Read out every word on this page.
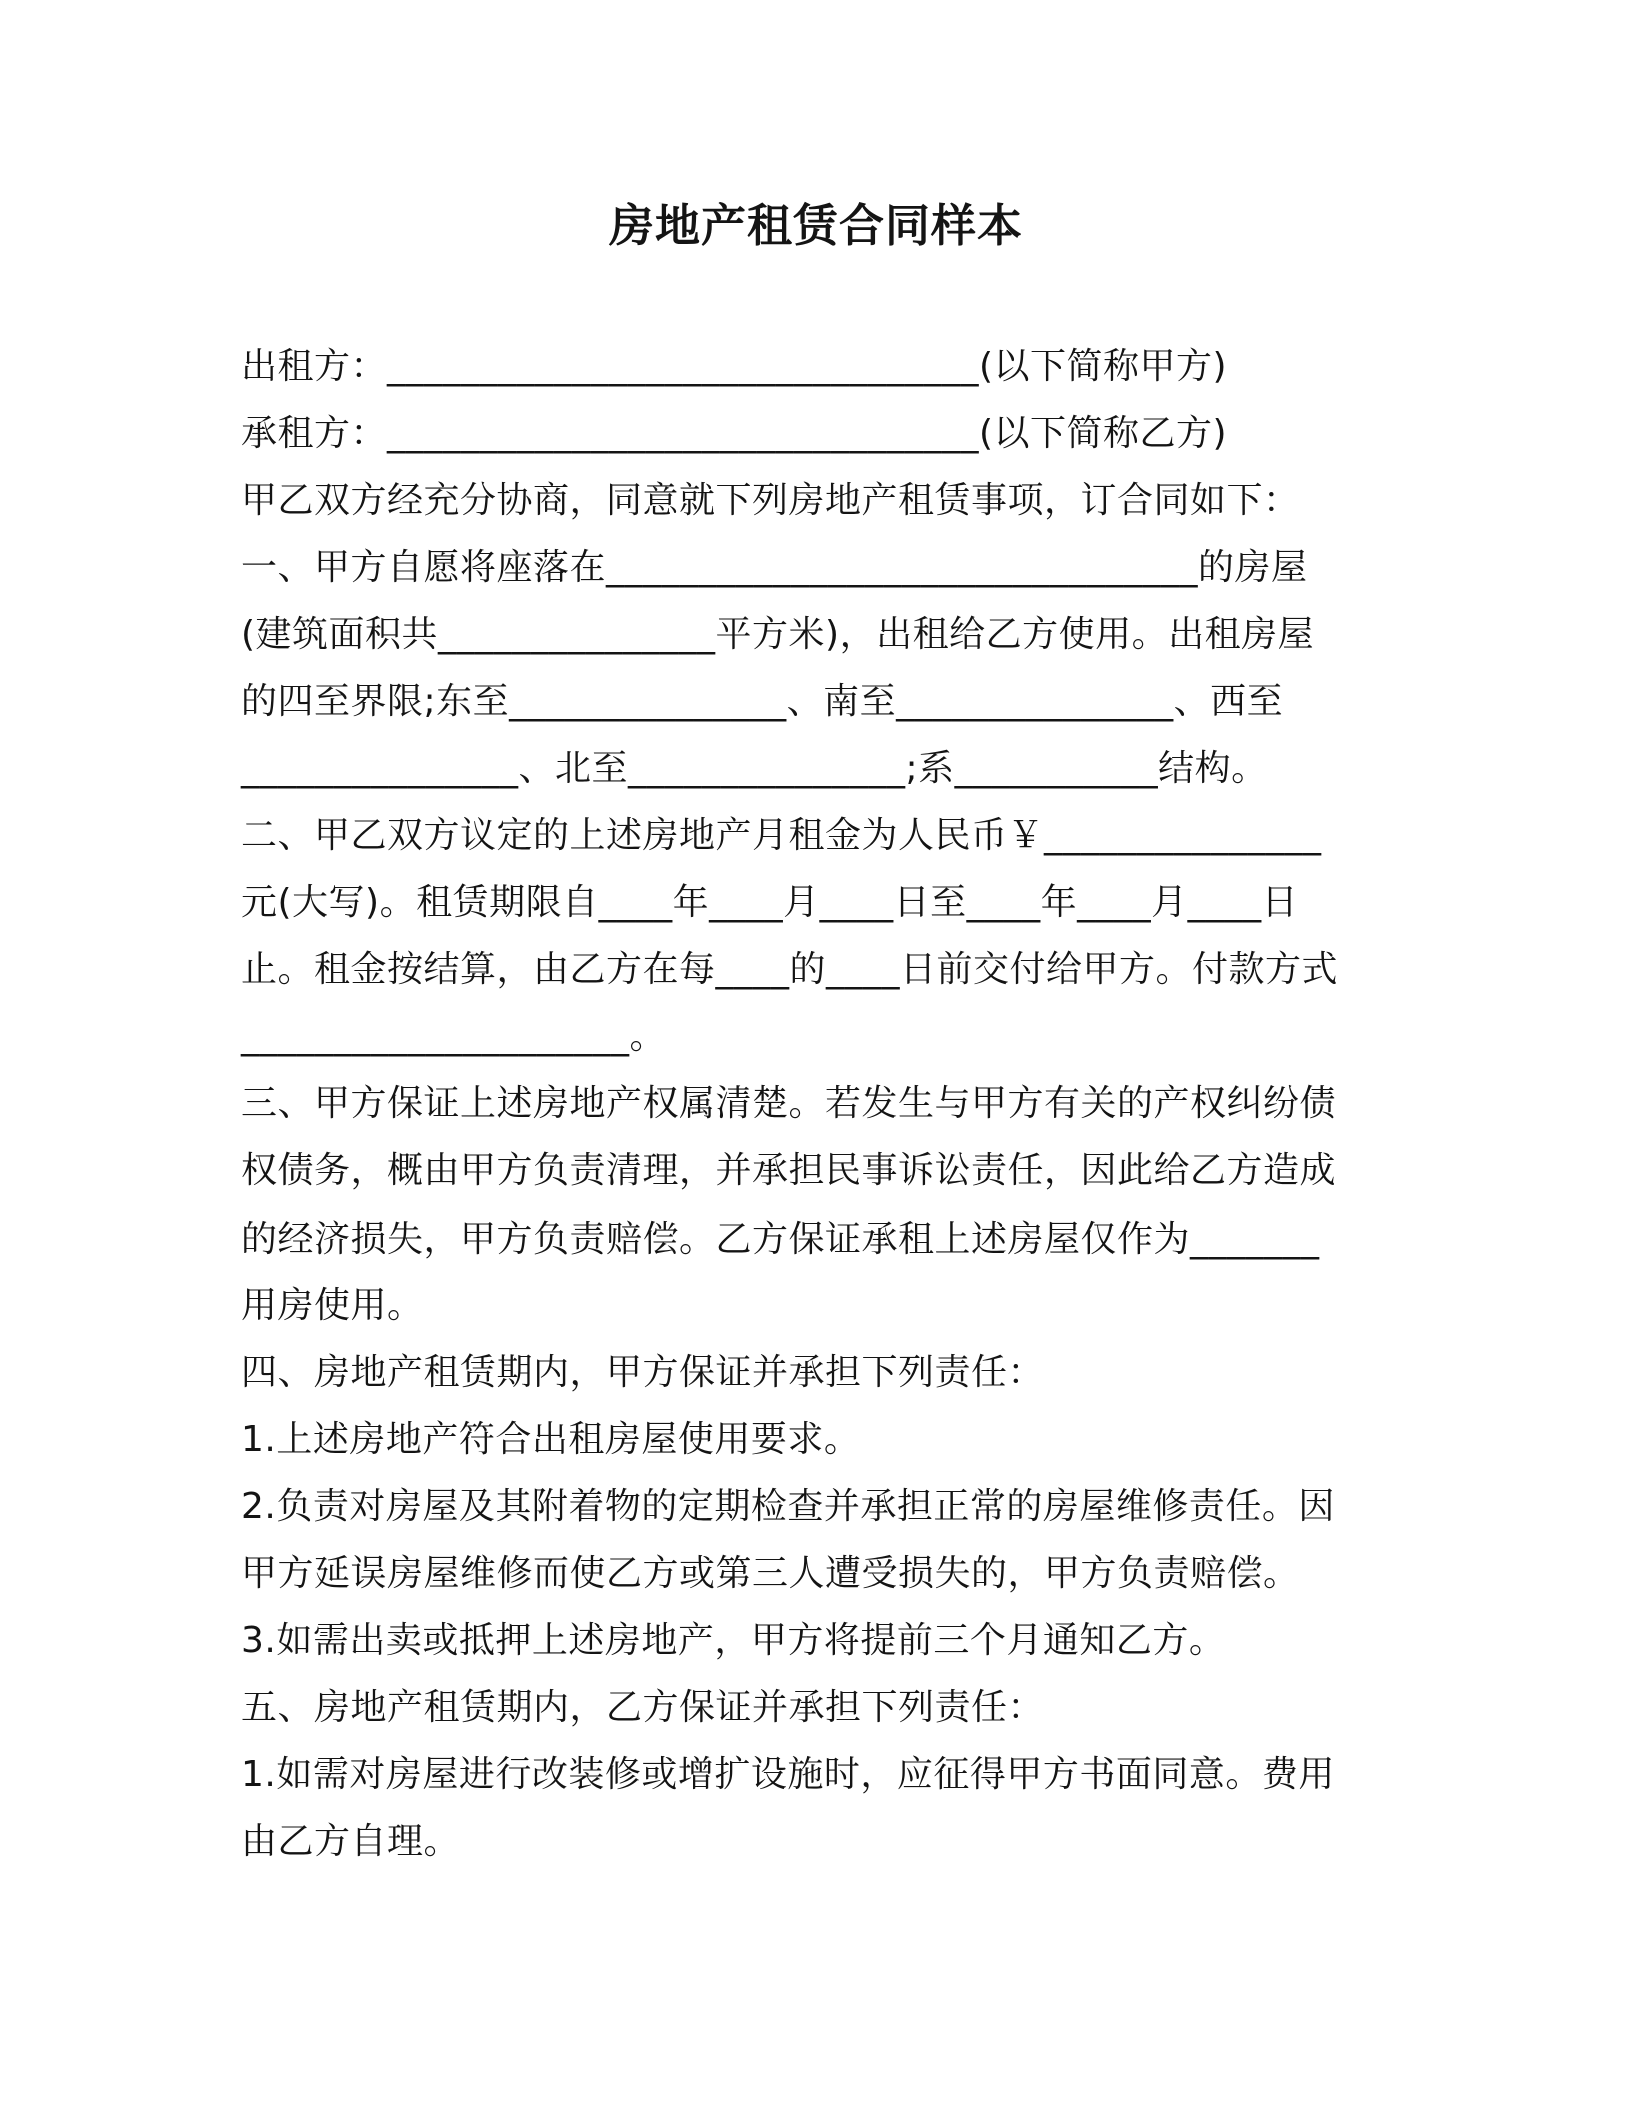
房地产租赁合同样本
出租方：________________________________(以下简称甲方)
承租方：________________________________(以下简称乙方)
甲乙双方经充分协商，同意就下列房地产租赁事项，订合同如下：
一、甲方自愿将座落在________________________________的房屋
(建筑面积共_______________平方米)，出租给乙方使用。出租房屋
的四至界限;东至_______________、南至_______________、西至
_______________、北至_______________;系___________结构。
二、甲乙双方议定的上述房地产月租金为人民币￥_______________
元(大写)。租赁期限自____年____月____日至____年____月____日
止。租金按结算，由乙方在每____的____日前交付给甲方。付款方式
_____________________。
三、甲方保证上述房地产权属清楚。若发生与甲方有关的产权纠纷债
权债务，概由甲方负责清理，并承担民事诉讼责任，因此给乙方造成
的经济损失，甲方负责赔偿。乙方保证承租上述房屋仅作为_______
用房使用。
四、房地产租赁期内，甲方保证并承担下列责任：
1.上述房地产符合出租房屋使用要求。
2.负责对房屋及其附着物的定期检查并承担正常的房屋维修责任。因
甲方延误房屋维修而使乙方或第三人遭受损失的，甲方负责赔偿。
3.如需出卖或抵押上述房地产，甲方将提前三个月通知乙方。
五、房地产租赁期内，乙方保证并承担下列责任：
1.如需对房屋进行改装修或增扩设施时，应征得甲方书面同意。费用
由乙方自理。
